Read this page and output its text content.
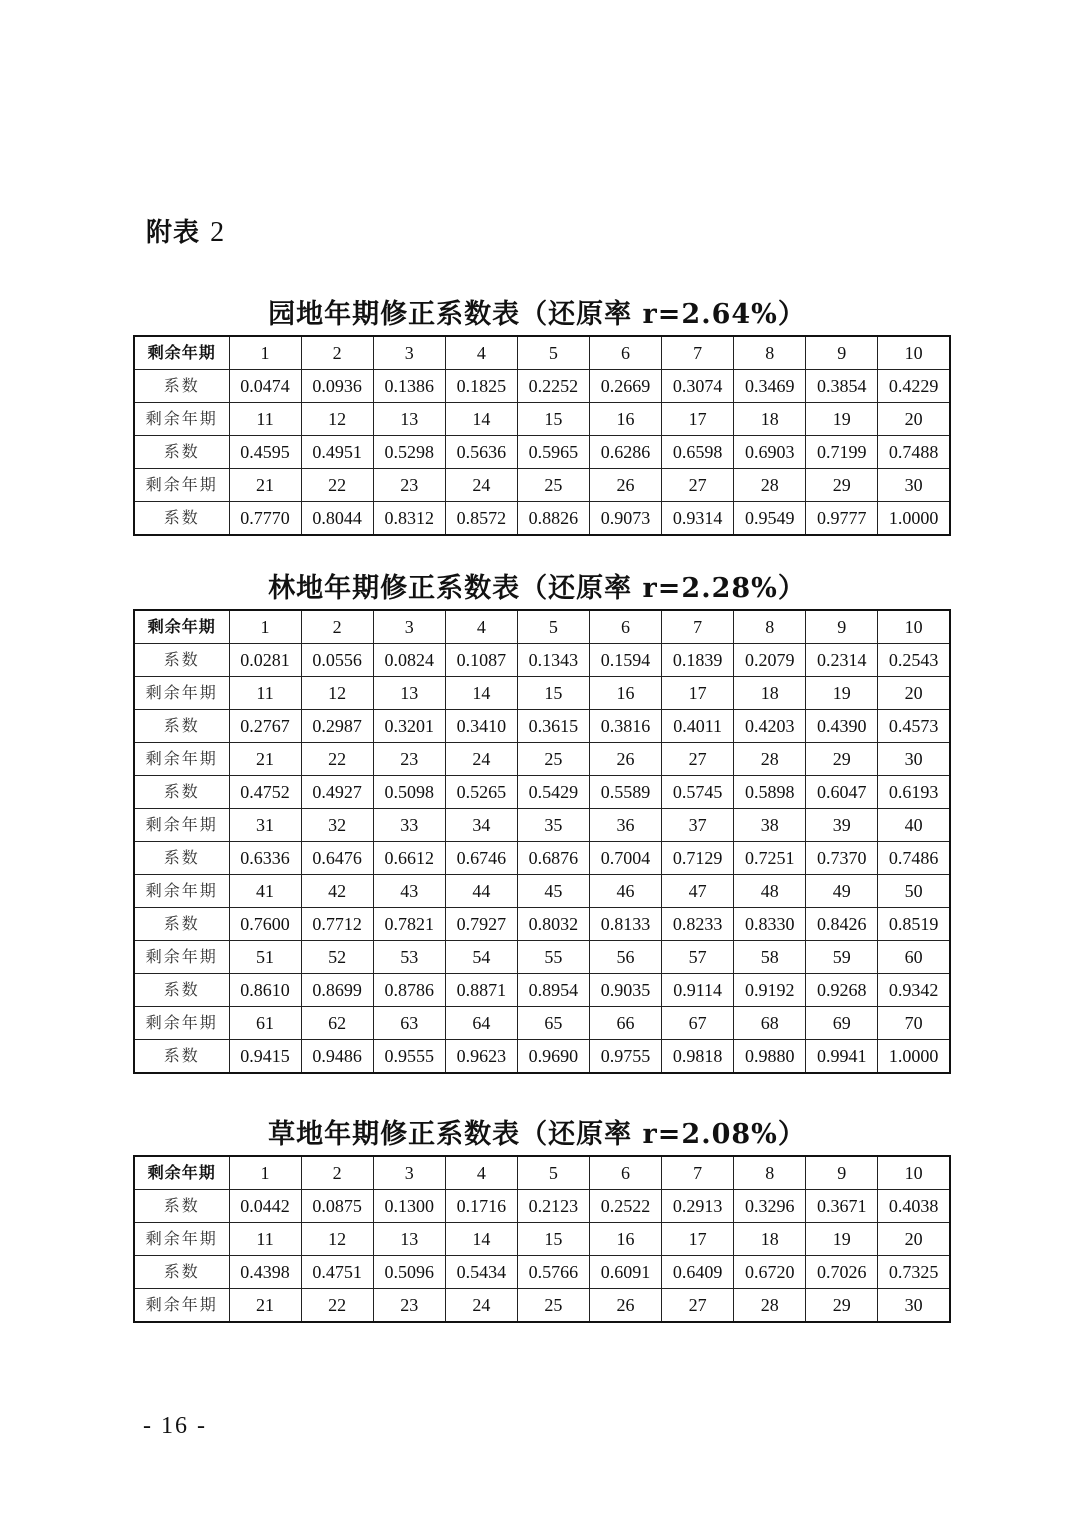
附表 2
园地年期修正系数表（还原率 r=2.64%）
剩余年期	1	2	3	4	5	6	7	8	9	10
系数	0.0474	0.0936	0.1386	0.1825	0.2252	0.2669	0.3074	0.3469	0.3854	0.4229
剩余年期	11	12	13	14	15	16	17	18	19	20
系数	0.4595	0.4951	0.5298	0.5636	0.5965	0.6286	0.6598	0.6903	0.7199	0.7488
剩余年期	21	22	23	24	25	26	27	28	29	30
系数	0.7770	0.8044	0.8312	0.8572	0.8826	0.9073	0.9314	0.9549	0.9777	1.0000
林地年期修正系数表（还原率 r=2.28%）
剩余年期	1	2	3	4	5	6	7	8	9	10
系数	0.0281	0.0556	0.0824	0.1087	0.1343	0.1594	0.1839	0.2079	0.2314	0.2543
剩余年期	11	12	13	14	15	16	17	18	19	20
系数	0.2767	0.2987	0.3201	0.3410	0.3615	0.3816	0.4011	0.4203	0.4390	0.4573
剩余年期	21	22	23	24	25	26	27	28	29	30
系数	0.4752	0.4927	0.5098	0.5265	0.5429	0.5589	0.5745	0.5898	0.6047	0.6193
剩余年期	31	32	33	34	35	36	37	38	39	40
系数	0.6336	0.6476	0.6612	0.6746	0.6876	0.7004	0.7129	0.7251	0.7370	0.7486
剩余年期	41	42	43	44	45	46	47	48	49	50
系数	0.7600	0.7712	0.7821	0.7927	0.8032	0.8133	0.8233	0.8330	0.8426	0.8519
剩余年期	51	52	53	54	55	56	57	58	59	60
系数	0.8610	0.8699	0.8786	0.8871	0.8954	0.9035	0.9114	0.9192	0.9268	0.9342
剩余年期	61	62	63	64	65	66	67	68	69	70
系数	0.9415	0.9486	0.9555	0.9623	0.9690	0.9755	0.9818	0.9880	0.9941	1.0000
草地年期修正系数表（还原率 r=2.08%）
剩余年期	1	2	3	4	5	6	7	8	9	10
系数	0.0442	0.0875	0.1300	0.1716	0.2123	0.2522	0.2913	0.3296	0.3671	0.4038
剩余年期	11	12	13	14	15	16	17	18	19	20
系数	0.4398	0.4751	0.5096	0.5434	0.5766	0.6091	0.6409	0.6720	0.7026	0.7325
剩余年期	21	22	23	24	25	26	27	28	29	30
- 16 -
